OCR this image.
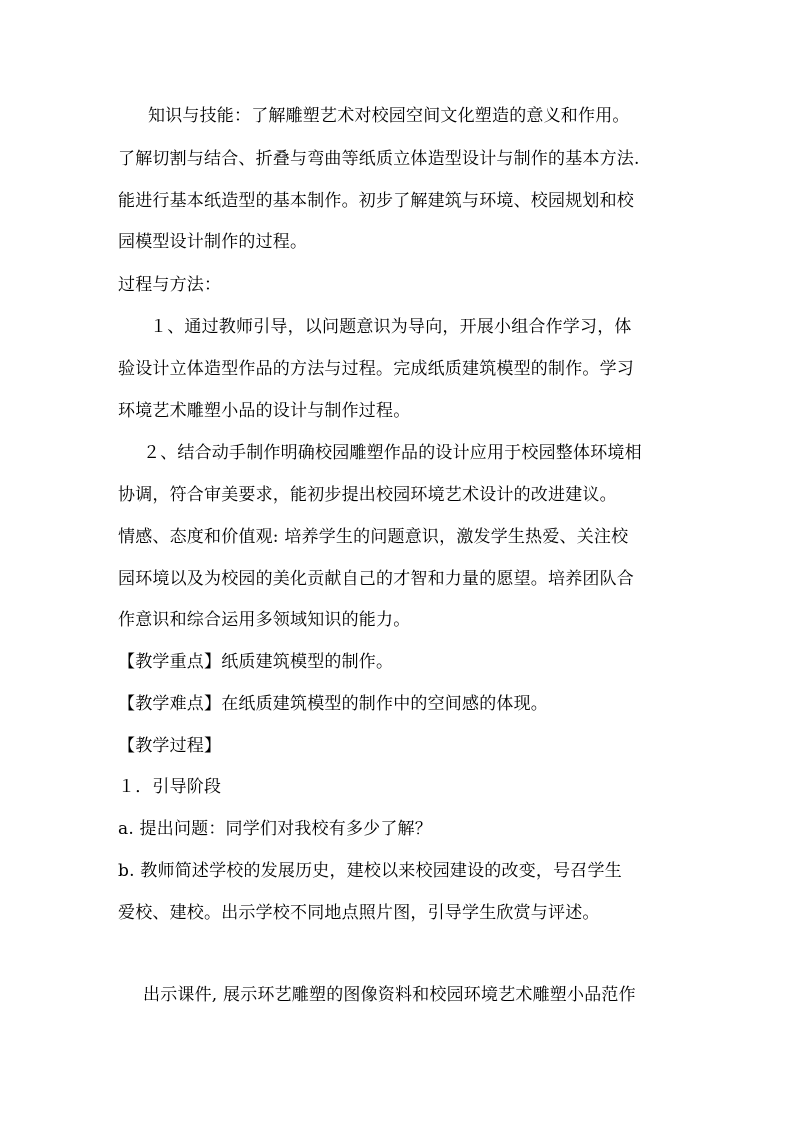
知识与技能：了解雕塑艺术对校园空间文化塑造的意义和作用。
了解切割与结合、折叠与弯曲等纸质立体造型设计与制作的基本方法.
能进行基本纸造型的基本制作。初步了解建筑与环境、校园规划和校
园模型设计制作的过程。
过程与方法：
１、通过教师引导，以问题意识为导向，开展小组合作学习，体
验设计立体造型作品的方法与过程。完成纸质建筑模型的制作。学习
环境艺术雕塑小品的设计与制作过程。
２、结合动手制作明确校园雕塑作品的设计应用于校园整体环境相
协调，符合审美要求，能初步提出校园环境艺术设计的改进建议。
情感、态度和价值观: 培养学生的问题意识，激发学生热爱、关注校
园环境以及为校园的美化贡献自己的才智和力量的愿望。培养团队合
作意识和综合运用多领域知识的能力。
【教学重点】纸质建筑模型的制作。
【教学难点】在纸质建筑模型的制作中的空间感的体现。
【教学过程】
１．引导阶段
a. 提出问题：同学们对我校有多少了解？
b. 教师简述学校的发展历史，建校以来校园建设的改变，号召学生
爱校、建校。出示学校不同地点照片图，引导学生欣赏与评述。
出示课件, 展示环艺雕塑的图像资料和校园环境艺术雕塑小品范作
